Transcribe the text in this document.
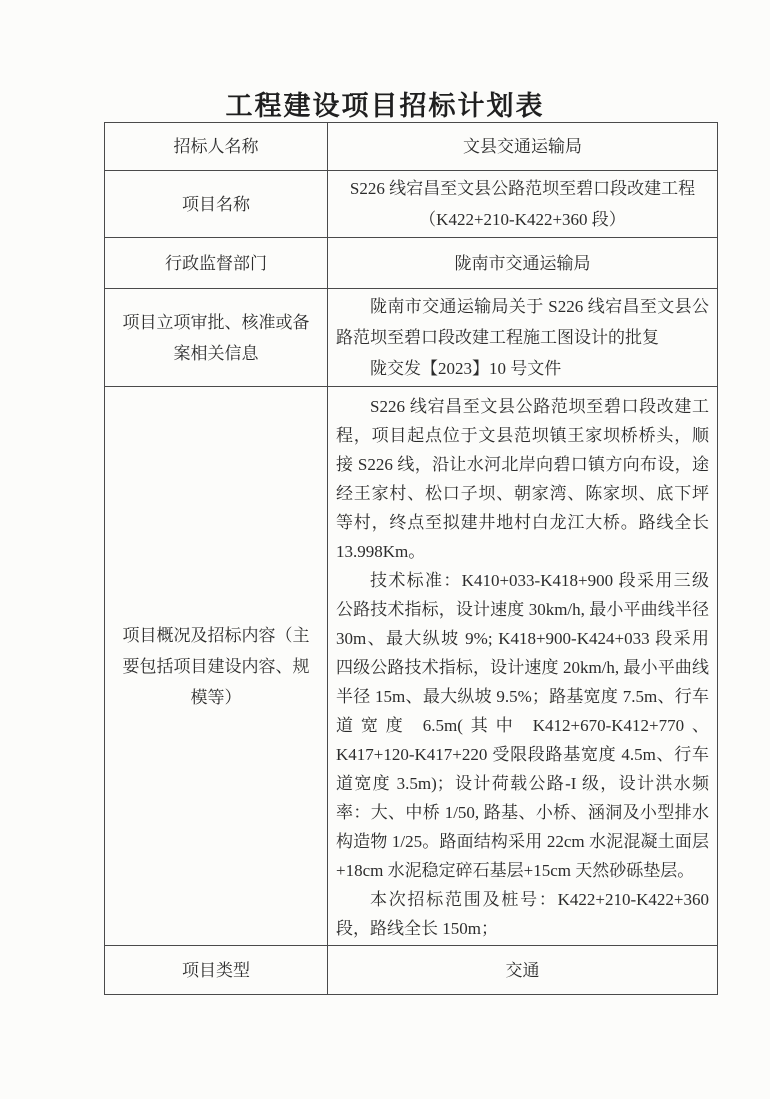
工程建设项目招标计划表
招标人名称	文县交通运输局
项目名称	S226 线宕昌至文县公路范坝至碧口段改建工程
（K422+210-K422+360 段）

行政监督部门	陇南市交通运输局
项目立项审批、核准或备案相关信息	陇南市交通运输局关于 S226 线宕昌至文县公路范坝至碧口段改建工程施工图设计的批复

陇交发【2023】10 号文件

项目概况及招标内容（主要包括项目建设内容、规模等）	S226 线宕昌至文县公路范坝至碧口段改建工程，项目起点位于文县范坝镇王家坝桥桥头，顺接 S226 线，沿让水河北岸向碧口镇方向布设，途经王家村、松口子坝、朝家湾、陈家坝、底下坪等村，终点至拟建井地村白龙江大桥。路线全长 13.998Km。

技术标准：K410+033-K418+900 段采用三级公路技术指标，设计速度 30km/h, 最小平曲线半径 30m、最大纵坡 9%; K418+900-K424+033 段采用四级公路技术指标，设计速度 20km/h, 最小平曲线半径 15m、最大纵坡 9.5%；路基宽度 7.5m、行车道宽度 6.5m(其中 K412+670-K412+770、K417+120-K417+220 受限段路基宽度 4.5m、行车道宽度 3.5m)；设计荷载公路-I 级，设计洪水频率：大、中桥 1/50, 路基、小桥、涵洞及小型排水构造物 1/25。路面结构采用 22cm 水泥混凝土面层+18cm 水泥稳定碎石基层+15cm 天然砂砾垫层。

本次招标范围及桩号：K422+210-K422+360 段，路线全长 150m；

项目类型	交通
